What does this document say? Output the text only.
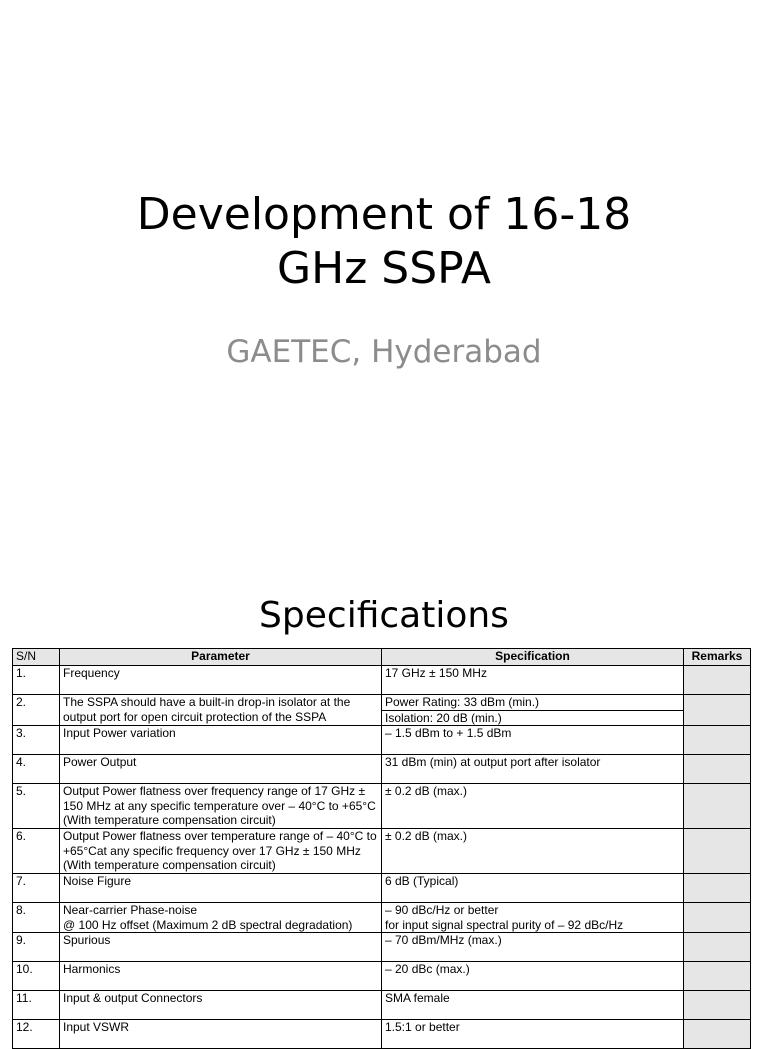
Development of 16-18
GHz SSPA
GAETEC, Hyderabad
Specifications
S/N	Parameter	Specification	Remarks
1.	Frequency	17 GHz ± 150 MHz	
2.	The SSPA should have a built-in drop-in isolator at the output port for open circuit protection of the SSPA	Power Rating: 33 dBm (min.)
Isolation: 20 dB (min.)	

3.	Input Power variation	– 1.5 dBm to + 1.5 dBm	
4.	Power Output	31 dBm (min) at output port after isolator	
5.	Output Power flatness over frequency range of 17 GHz ± 150 MHz at any specific temperature over – 40°C to +65°C (With temperature compensation circuit)	± 0.2 dB (max.)	
6.	Output Power flatness over temperature range of – 40°C to +65°Cat any specific frequency over 17 GHz ± 150 MHz (With temperature compensation circuit)	± 0.2 dB (max.)	
7.	Noise Figure	6 dB (Typical)	
8.	Near-carrier Phase-noise
@ 100 Hz offset (Maximum 2 dB spectral degradation)	– 90 dBc/Hz or better
for input signal spectral purity of – 92 dBc/Hz	
9.	Spurious	– 70 dBm/MHz (max.)	
10.	Harmonics	– 20 dBc (max.)	
11.	Input & output Connectors	SMA female	
12.	Input VSWR	1.5:1 or better	
